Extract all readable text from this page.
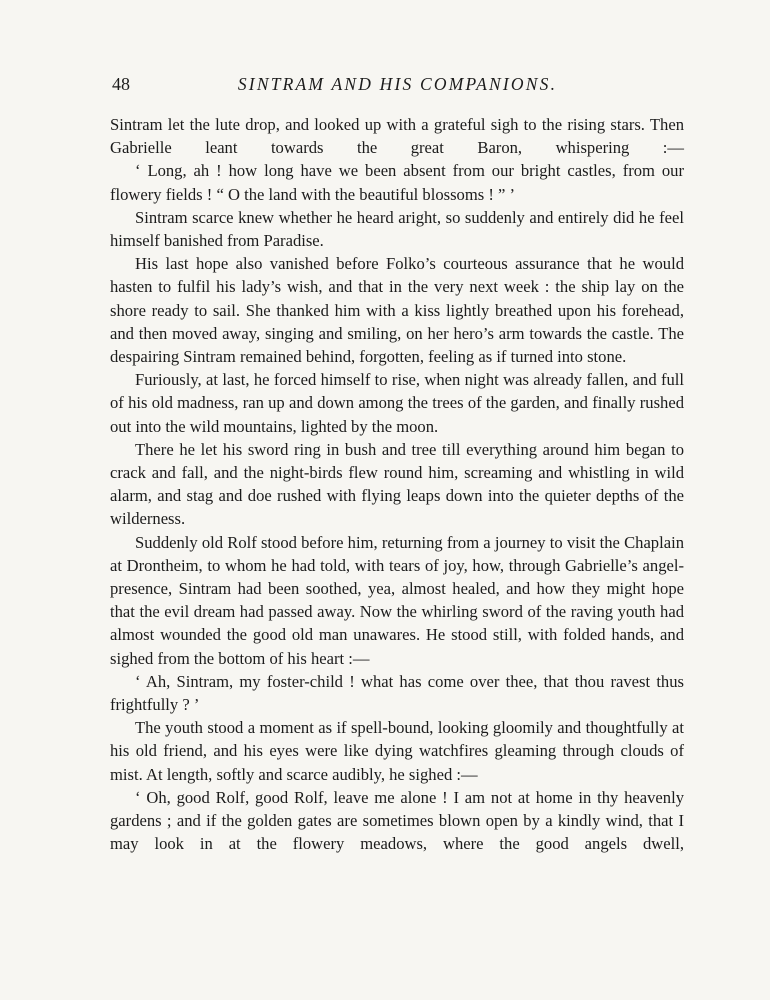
48	SINTRAM AND HIS COMPANIONS.

Sintram let the lute drop, and looked up with a grateful sigh to the rising stars. Then Gabrielle leant towards the great Baron, whispering :—

‘ Long, ah ! how long have we been absent from our bright castles, from our flowery fields ! “ O the land with the beautiful blossoms ! ” ’

Sintram scarce knew whether he heard aright, so suddenly and entirely did he feel himself banished from Paradise.

His last hope also vanished before Folko’s courteous assurance that he would hasten to fulfil his lady’s wish, and that in the very next week : the ship lay on the shore ready to sail. She thanked him with a kiss lightly breathed upon his forehead, and then moved away, singing and smiling, on her hero’s arm towards the castle. The despairing Sintram remained behind, forgotten, feeling as if turned into stone.

Furiously, at last, he forced himself to rise, when night was already fallen, and full of his old madness, ran up and down among the trees of the garden, and finally rushed out into the wild mountains, lighted by the moon.

There he let his sword ring in bush and tree till everything around him began to crack and fall, and the night-birds flew round him, screaming and whistling in wild alarm, and stag and doe rushed with flying leaps down into the quieter depths of the wilderness.

Suddenly old Rolf stood before him, returning from a journey to visit the Chaplain at Drontheim, to whom he had told, with tears of joy, how, through Gabrielle’s angel-presence, Sintram had been soothed, yea, almost healed, and how they might hope that the evil dream had passed away. Now the whirling sword of the raving youth had almost wounded the good old man unawares. He stood still, with folded hands, and sighed from the bottom of his heart :—

‘ Ah, Sintram, my foster-child ! what has come over thee, that thou ravest thus frightfully ? ’

The youth stood a moment as if spell-bound, looking gloomily and thoughtfully at his old friend, and his eyes were like dying watchfires gleaming through clouds of mist. At length, softly and scarce audibly, he sighed :—

‘ Oh, good Rolf, good Rolf, leave me alone ! I am not at home in thy heavenly gardens ; and if the golden gates are sometimes blown open by a kindly wind, that I may look in at the flowery meadows, where the good angels dwell,
